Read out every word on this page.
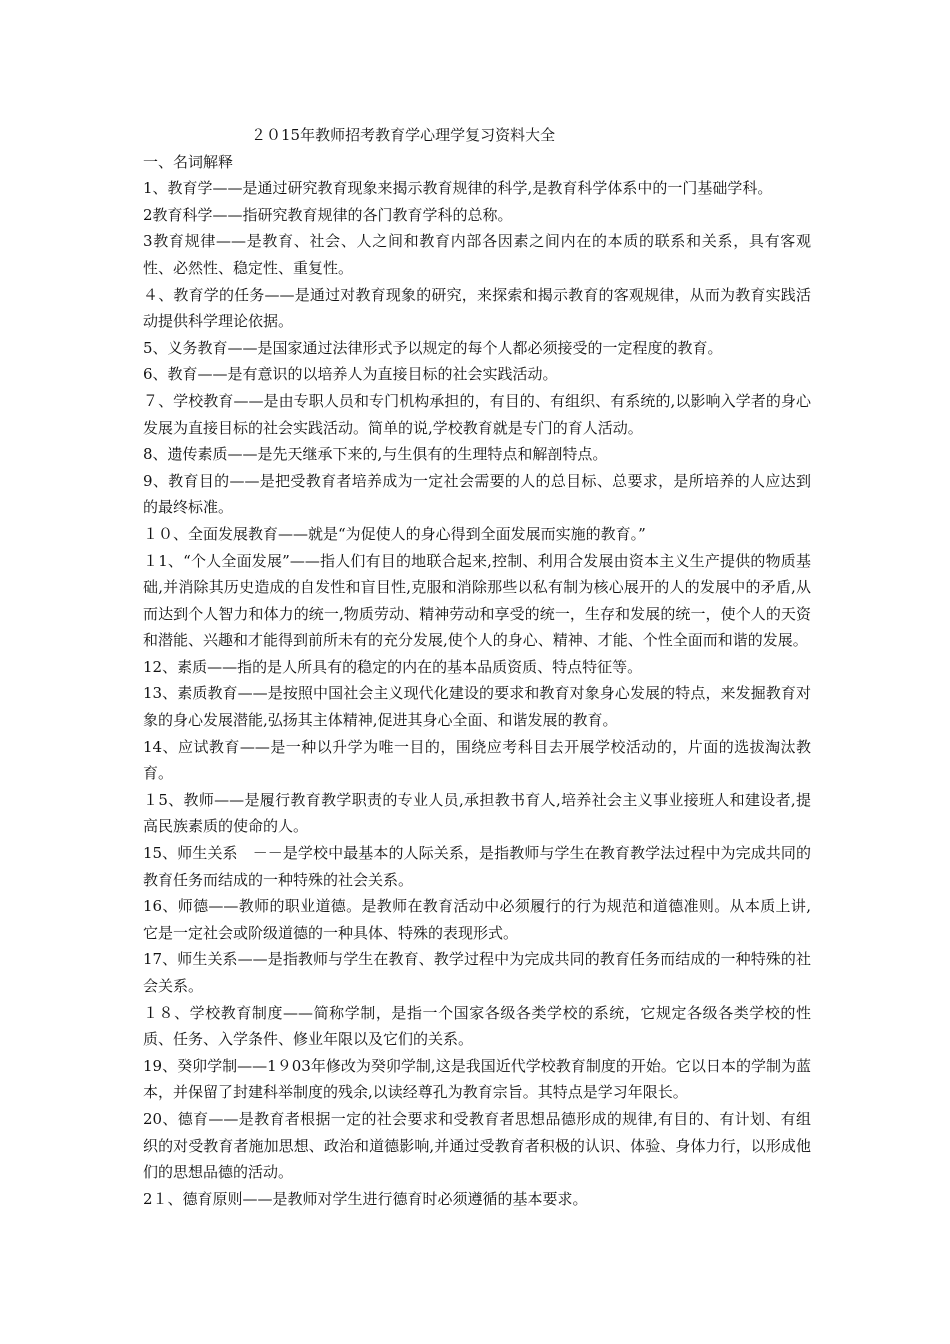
２０15年教师招考教育学心理学复习资料大全
一、名词解释
1、教育学——是通过研究教育现象来揭示教育规律的科学,是教育科学体系中的一门基础学科。
2教育科学——指研究教育规律的各门教育学科的总称。
3教育规律——是教育、社会、人之间和教育内部各因素之间内在的本质的联系和关系，具有客观性、必然性、稳定性、重复性。
４、教育学的任务——是通过对教育现象的研究，来探索和揭示教育的客观规律，从而为教育实践活动提供科学理论依据。
5、义务教育——是国家通过法律形式予以规定的每个人都必须接受的一定程度的教育。
6、教育——是有意识的以培养人为直接目标的社会实践活动。
７、学校教育——是由专职人员和专门机构承担的，有目的、有组织、有系统的,以影响入学者的身心发展为直接目标的社会实践活动。简单的说,学校教育就是专门的育人活动。
8、遗传素质——是先天继承下来的,与生俱有的生理特点和解剖特点。
9、教育目的——是把受教育者培养成为一定社会需要的人的总目标、总要求，是所培养的人应达到的最终标准。
１０、全面发展教育——就是“为促使人的身心得到全面发展而实施的教育。”
１1、“个人全面发展”——指人们有目的地联合起来,控制、利用合发展由资本主义生产提供的物质基础,并消除其历史造成的自发性和盲目性,克服和消除那些以私有制为核心展开的人的发展中的矛盾,从而达到个人智力和体力的统一,物质劳动、精神劳动和享受的统一，生存和发展的统一，使个人的天资和潜能、兴趣和才能得到前所未有的充分发展,使个人的身心、精神、才能、个性全面而和谐的发展。
12、素质——指的是人所具有的稳定的内在的基本品质资质、特点特征等。
13、素质教育——是按照中国社会主义现代化建设的要求和教育对象身心发展的特点，来发掘教育对象的身心发展潜能,弘扬其主体精神,促进其身心全面、和谐发展的教育。
14、应试教育——是一种以升学为唯一目的，围绕应考科目去开展学校活动的，片面的选拔淘汰教育。
１5、教师——是履行教育教学职责的专业人员,承担教书育人,培养社会主义事业接班人和建设者,提高民族素质的使命的人。
15、师生关系　－－是学校中最基本的人际关系，是指教师与学生在教育教学法过程中为完成共同的教育任务而结成的一种特殊的社会关系。
16、师德——教师的职业道德。是教师在教育活动中必须履行的行为规范和道德准则。从本质上讲,它是一定社会或阶级道德的一种具体、特殊的表现形式。
17、师生关系——是指教师与学生在教育、教学过程中为完成共同的教育任务而结成的一种特殊的社会关系。
１８、学校教育制度——简称学制，是指一个国家各级各类学校的系统，它规定各级各类学校的性质、任务、入学条件、修业年限以及它们的关系。
19、癸卯学制——1９03年修改为癸卯学制,这是我国近代学校教育制度的开始。它以日本的学制为蓝本，并保留了封建科举制度的残余,以读经尊孔为教育宗旨。其特点是学习年限长。
20、德育——是教育者根据一定的社会要求和受教育者思想品德形成的规律,有目的、有计划、有组织的对受教育者施加思想、政治和道德影响,并通过受教育者积极的认识、体验、身体力行，以形成他们的思想品德的活动。
2１、德育原则——是教师对学生进行德育时必须遵循的基本要求。
